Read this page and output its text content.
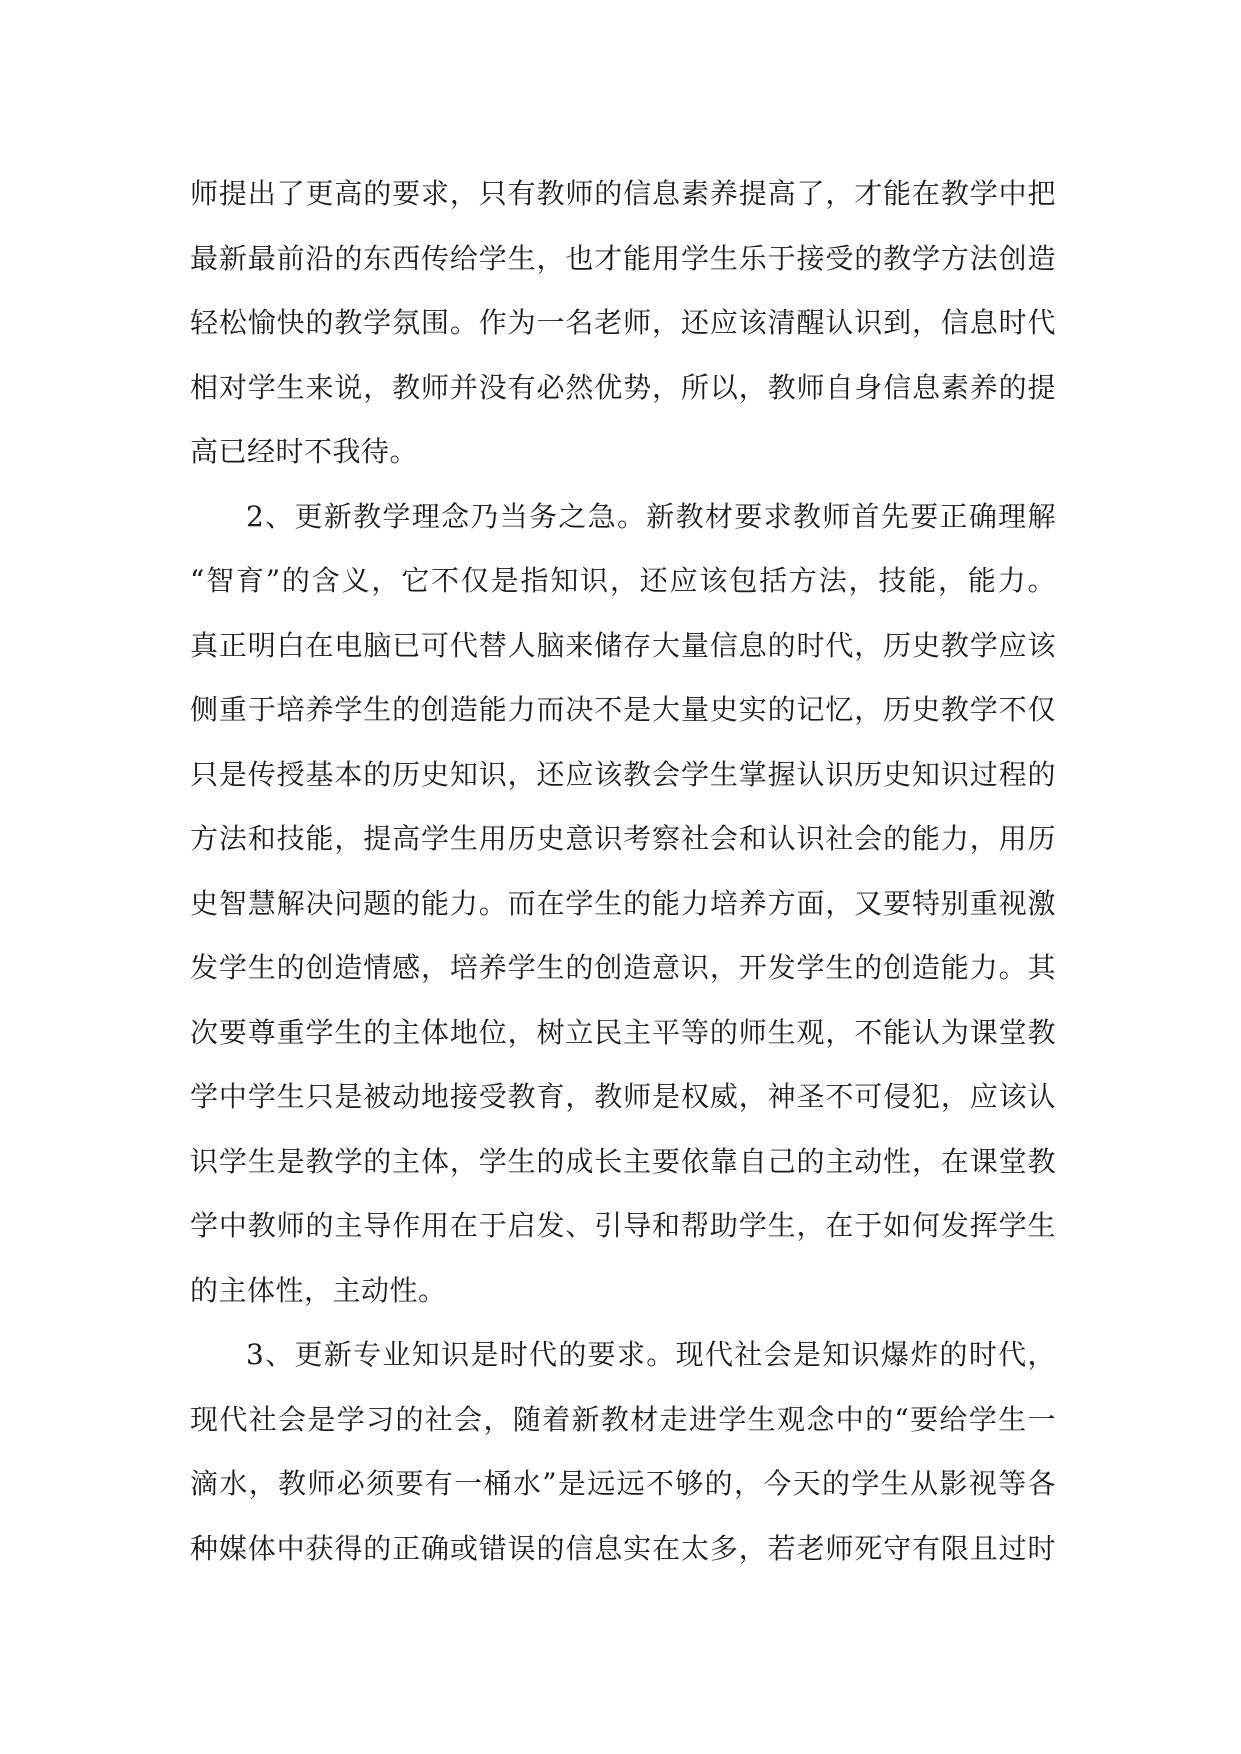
师提出了更高的要求，只有教师的信息素养提高了，才能在教学中把
最新最前沿的东西传给学生，也才能用学生乐于接受的教学方法创造
轻松愉快的教学氛围。作为一名老师，还应该清醒认识到，信息时代
相对学生来说，教师并没有必然优势，所以，教师自身信息素养的提
高已经时不我待。
2、更新教学理念乃当务之急。新教材要求教师首先要正确理解
“智育”的含义，它不仅是指知识，还应该包括方法，技能，能力。
真正明白在电脑已可代替人脑来储存大量信息的时代，历史教学应该
侧重于培养学生的创造能力而决不是大量史实的记忆，历史教学不仅
只是传授基本的历史知识，还应该教会学生掌握认识历史知识过程的
方法和技能，提高学生用历史意识考察社会和认识社会的能力，用历
史智慧解决问题的能力。而在学生的能力培养方面，又要特别重视激
发学生的创造情感，培养学生的创造意识，开发学生的创造能力。其
次要尊重学生的主体地位，树立民主平等的师生观，不能认为课堂教
学中学生只是被动地接受教育，教师是权威，神圣不可侵犯，应该认
识学生是教学的主体，学生的成长主要依靠自己的主动性，在课堂教
学中教师的主导作用在于启发、引导和帮助学生，在于如何发挥学生
的主体性，主动性。
3、更新专业知识是时代的要求。现代社会是知识爆炸的时代，
现代社会是学习的社会，随着新教材走进学生观念中的“要给学生一
滴水，教师必须要有一桶水”是远远不够的，今天的学生从影视等各
种媒体中获得的正确或错误的信息实在太多，若老师死守有限且过时
